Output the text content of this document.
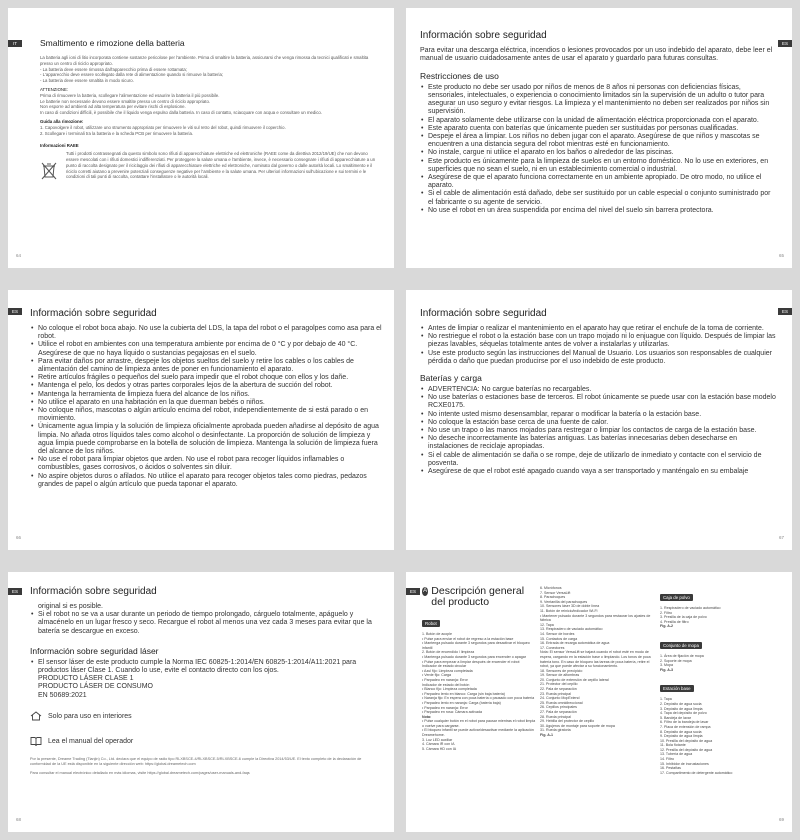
IT	Smaltimento e rimozione della batteria

La batteria agli ioni di litio incorporata contiene sostanze pericolose per l'ambiente. Prima di smaltire la batteria, assicurarsi che venga rimossa da tecnici qualificati e smaltita presso un centro di riciclo appropriato.

- La batteria deve essere rimossa dall'apparecchio prima di essere rottamata;

- L'apparecchio deve essere scollegato dalla rete di alimentazione quando si rimuove la batteria;

- La batteria deve essere smaltita in modo sicuro.

ATTENZIONE:

Prima di rimuovere la batteria, scollegare l'alimentazione ed esaurire la batteria il più possibile.

Le batterie non necessarie devono essere smaltite presso un centro di riciclo appropriato.

Non esporre ad ambienti ad alta temperatura per evitare rischi di esplosione.

In caso di condizioni difficili, è possibile che il liquido venga espulso dalla batteria. In caso di contatto, sciacquare con acqua e consultare un medico.

Guida alla rimozione:

1. Capovolgere il robot, utilizzare uno strumento appropriato per rimuovere le viti sul retro del robot, quindi rimuovere il coperchio.

2. Scollegare i terminali tra la batteria e la scheda PCB per rimuovere la batteria.

Informazioni RAEE

Tutti i prodotti contrassegnati da questo simbolo sono rifiuti di apparecchiature elettriche ed elettroniche (RAEE come da direttiva 2012/19/UE) che non devono essere mescolati con i rifiuti domestici indifferenziati. Per proteggere la salute umana e l'ambiente, invece, è necessario consegnare i rifiuti di apparecchiature a un punto di raccolta designato per il riciclaggio dei rifiuti di apparecchiature elettriche ed elettroniche, nominato dal governo o dalle autorità locali. Lo smaltimento e il riciclo corretti aiutano a prevenire potenziali conseguenze negative per l'ambiente e la salute umana. Per ulteriori informazioni sull'ubicazione e sui termini e le condizioni di tali punti di raccolta, contattare l'installatore o le autorità locali.

64
ES
Información sobre seguridad

Para evitar una descarga eléctrica, incendios o lesiones provocados por un uso indebido del aparato, debe leer el manual de usuario cuidadosamente antes de usar el aparato y guardarlo para futuras consultas.

Restricciones de uso
• Este producto no debe ser usado por niños de menos de 8 años ni personas con deficiencias físicas, sensoriales, intelectuales, o experiencia o conocimiento limitados sin la supervisión de un adulto o tutor para asegurar un uso seguro y evitar riesgos. La limpieza y el mantenimiento no deben ser realizados por niños sin supervisión.
• El aparato solamente debe utilizarse con la unidad de alimentación eléctrica proporcionada con el aparato.
• Este aparato cuenta con baterías que únicamente pueden ser sustituidas por personas cualificadas.
• Despeje el área a limpiar. Los niños no deben jugar con el aparato. Asegúrese de que niños y mascotas se encuentren a una distancia segura del robot mientras esté en funcionamiento.
• No instale, cargue ni utilice el aparato en los baños o alrededor de las piscinas.
• Este producto es únicamente para la limpieza de suelos en un entorno doméstico. No lo use en exteriores, en superficies que no sean el suelo, ni en un establecimiento comercial o industrial.
• Asegúrese de que el aparato funciona correctamente en un ambiente apropiado. De otro modo, no utilice el aparato.
• Si el cable de alimentación está dañado, debe ser sustituido por un cable especial o conjunto suministrado por el fabricante o su agente de servicio.
• No use el robot en un área suspendida por encima del nivel del suelo sin barrera protectora.
65
ES	Información sobre seguridad
• No coloque el robot boca abajo. No use la cubierta del LDS, la tapa del robot o el paragolpes como asa para el robot.
• Utilice el robot en ambientes con una temperatura ambiente por encima de 0 °C y por debajo de 40 °C. Asegúrese de que no haya líquido o sustancias pegajosas en el suelo.
• Para evitar daños por arrastre, despeje los objetos sueltos del suelo y retire los cables o los cables de alimentación del camino de limpieza antes de poner en funcionamiento el aparato.
• Retire artículos frágiles o pequeños del suelo para impedir que el robot choque con ellos y los dañe.
• Mantenga el pelo, los dedos y otras partes corporales lejos de la abertura de succión del robot.
• Mantenga la herramienta de limpieza fuera del alcance de los niños.
• No utilice el aparato en una habitación en la que duerman bebés o niños.
• No coloque niños, mascotas o algún artículo encima del robot, independientemente de si está parado o en movimiento.
• Únicamente agua limpia y la solución de limpieza oficialmente aprobada pueden añadirse al depósito de agua limpia. No añada otros líquidos tales como alcohol o desinfectante. La proporción de solución de limpieza y agua limpia puede comprobarse en la botella de solución de limpieza. Mantenga la solución de limpieza fuera del alcance de los niños.
• No use el robot para limpiar objetos que arden. No use el robot para recoger líquidos inflamables o combustibles, gases corrosivos, o ácidos o solventes sin diluir.
• No aspire objetos duros o afilados. No utilice el aparato para recoger objetos tales como piedras, pedazos grandes de papel o algún artículo que pueda taponar el aparato.
66
ES
Información sobre seguridad
• Antes de limpiar o realizar el mantenimiento en el aparato hay que retirar el enchufe de la toma de corriente.
• No restriegue el robot o la estación base con un trapo mojado ni lo enjuague con líquido. Después de limpiar las piezas lavables, séquelas totalmente antes de volver a instalarlas y utilizarlas.
• Use este producto según las instrucciones del Manual de Usuario. Los usuarios son responsables de cualquier pérdida o daño que puedan producirse por el uso indebido de este producto.
Baterías y carga
• ADVERTENCIA: No cargue baterías no recargables.
• No use baterías o estaciones base de terceros. El robot únicamente se puede usar con la estación base modelo RCXE0175.
• No intente usted mismo desensamblar, reparar o modificar la batería o la estación base.
• No coloque la estación base cerca de una fuente de calor.
• No use un trapo o las manos mojados para restregar o limpiar los contactos de carga de la estación base.
• No deseche incorrectamente las baterías antiguas. Las baterías innecesarias deben desecharse en instalaciones de reciclaje apropiadas.
• Si el cable de alimentación se daña o se rompe, deje de utilizarlo de inmediato y contacte con el servicio de posventa.
• Asegúrese de que el robot esté apagado cuando vaya a ser transportado y manténgalo en su embalaje
67
ES	Información sobre seguridad

original si es posible.

• Si el robot no se va a usar durante un periodo de tiempo prolongado, cárguelo totalmente, apáguelo y almacénelo en un lugar fresco y seco. Recargue el robot al menos una vez cada 3 meses para evitar que la batería se descargue en exceso.
Información sobre seguridad láser
• El sensor láser de este producto cumple la Norma IEC 60825-1:2014/EN 60825-1:2014/A11:2021 para productos láser Clase 1. Cuando lo use, evite el contacto directo con los ojos.

PRODUCTO LÁSER CLASE 1

PRODUCTO LÁSER DE CONSUMO

EN 50689:2021

Solo para uso en interiores
Lea el manual del operador

Por la presente, Dreame Trading (Tianjin) Co., Ltd. declara que el equipo de radio tipo RLXBSCE-4/RLXBSCE-5/RLXBSCE-6 cumple la Directiva 2014/53/UE. El texto completo de la declaración de conformidad de la UE está disponible en la siguiente dirección web: https://global.dreametech.com

Para consultar el manual electrónico detallado en más idiomas, visite https://global.dreametech.com/pages/user-manuals-and-faqs

68
ES	A Descripción general del producto
Robot
1. Botón de acople
• Pulse para enviar el robot de regreso a la estación base
• Mantenga pulsado durante 3 segundos para desactivar el bloqueo infantil
2. Botón de encendido / limpieza
• Mantenga pulsado durante 3 segundos para encender o apagar
• Pulse para empezar a limpiar después de encender el robot
Indicador de estado circular
• Azul fijo: Limpieza completada
• Verde fijo: Carga
• Parpadeo en naranja: Error
Indicador de estado del botón
• Blanco fijo: Limpieza completada
• Parpadeo lento en blanco: Carga (sin baja batería)
• Naranja fijo: En espera con poca batería o pausado con poca batería
• Parpadeo lento en naranja: Carga (batería baja)
• Parpadeo en naranja: Error
• Parpadeo en rosa: Cámara activada
Nota:
• Pulse cualquier botón en el robot para pausar mientras el robot limpia o vuelve para cargarse.
• El bloqueo infantil se puede activar/desactivar mediante la aplicación Dreamehome.
3. Luz LED auxiliar
4. Cámara IR con IA
5. Cámara HD con IA
6. Micrófonos
7. Sensor VersaLift
8. Parachoques
9. Ventanilla del parachoques
10. Sensores láser 3D de doble línea
11. Botón de reinicio/indicador Wi-Fi
• Mantener pulsado durante 3 segundos para restaurar los ajustes de fábrica
12. Tapa
13. Respiradero de vaciado automático
14. Sensor de bordes
15. Contactos de carga
16. Entrada de recarga automática de agua
17. Conectores
Nota: El sensor VersaLift se bajará cuando el robot esté en modo de espera, cargando en la estación base o limpiando. Los tonos de poca batería tono. En caso de bloqueo las tareas de poca batería, retire el robot, ya que puede afectar a su funcionamiento.
18. Sensores de precipicio
19. Sensor de alfombras
20. Conjunto de extensión de cepillo lateral
21. Protector del cepillo
22. Pala de separación
23. Rueda principal
24. Conjunto MopExtend
25. Rueda omnidireccional
26. Cepillos principales
27. Pala de separación
28. Rueda principal
29. Hebilla del protector de cepillo
30. Agujeros de montaje para soporte de mopa
31. Rueda giratoria
Fig. A-1
Caja de polvo
1. Respiradero de vaciado automático
2. Filtro
3. Presilla de la caja de polvo
4. Presilla de filtro
Fig. A-2
Conjunto de mopa
1. Área de fijación de mopa
2. Soporte de mopa
3. Mopa
Fig. A-3
Estación base
1. Tapa
2. Depósito de agua sucia
3. Depósito de agua limpia
4. Tapa del depósito de polvo
5. Bandeja de lavar
6. Filtro de la bandeja de lavar
7. Placa de extensión de rampa
8. Depósito de agua sucia
9. Depósito de agua limpia
10. Presilla del depósito de agua
11. Bola flotante
12. Presilla del depósito de agua
13. Tubería de agua
14. Filtro
15. Inhibidor de incrustaciones
16. Pestañas
17. Compartimento de detergente automático
69
